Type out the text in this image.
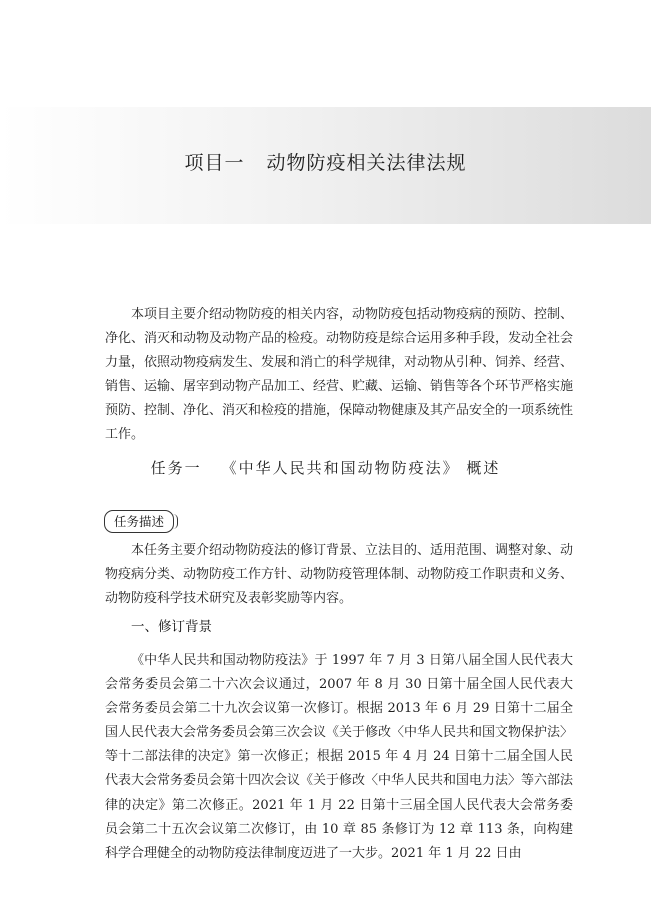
项目一 动物防疫相关法律法规

本项目主要介绍动物防疫的相关内容，动物防疫包括动物疫病的预防、控制、净化、消灭和动物及动物产品的检疫。动物防疫是综合运用多种手段，发动全社会力量，依照动物疫病发生、发展和消亡的科学规律，对动物从引种、饲养、经营、销售、运输、屠宰到动物产品加工、经营、贮藏、运输、销售等各个环节严格实施预防、控制、净化、消灭和检疫的措施，保障动物健康及其产品安全的一项系统性工作。

任务一 《中华人民共和国动物防疫法》 概述
任务描述

本任务主要介绍动物防疫法的修订背景、立法目的、适用范围、调整对象、动物疫病分类、动物防疫工作方针、动物防疫管理体制、动物防疫工作职责和义务、动物防疫科学技术研究及表彰奖励等内容。

一、修订背景

《中华人民共和国动物防疫法》于 1997 年 7 月 3 日第八届全国人民代表大会常务委员会第二十六次会议通过，2007 年 8 月 30 日第十届全国人民代表大会常务委员会第二十九次会议第一次修订。根据 2013 年 6 月 29 日第十二届全国人民代表大会常务委员会第三次会议《关于修改〈中华人民共和国文物保护法〉等十二部法律的决定》第一次修正；根据 2015 年 4 月 24 日第十二届全国人民代表大会常务委员会第十四次会议《关于修改〈中华人民共和国电力法〉等六部法律的决定》第二次修正。2021 年 1 月 22 日第十三届全国人民代表大会常务委员会第二十五次会议第二次修订，由 10 章 85 条修订为 12 章 113 条，向构建科学合理健全的动物防疫法律制度迈进了一大步。2021 年 1 月 22 日由
